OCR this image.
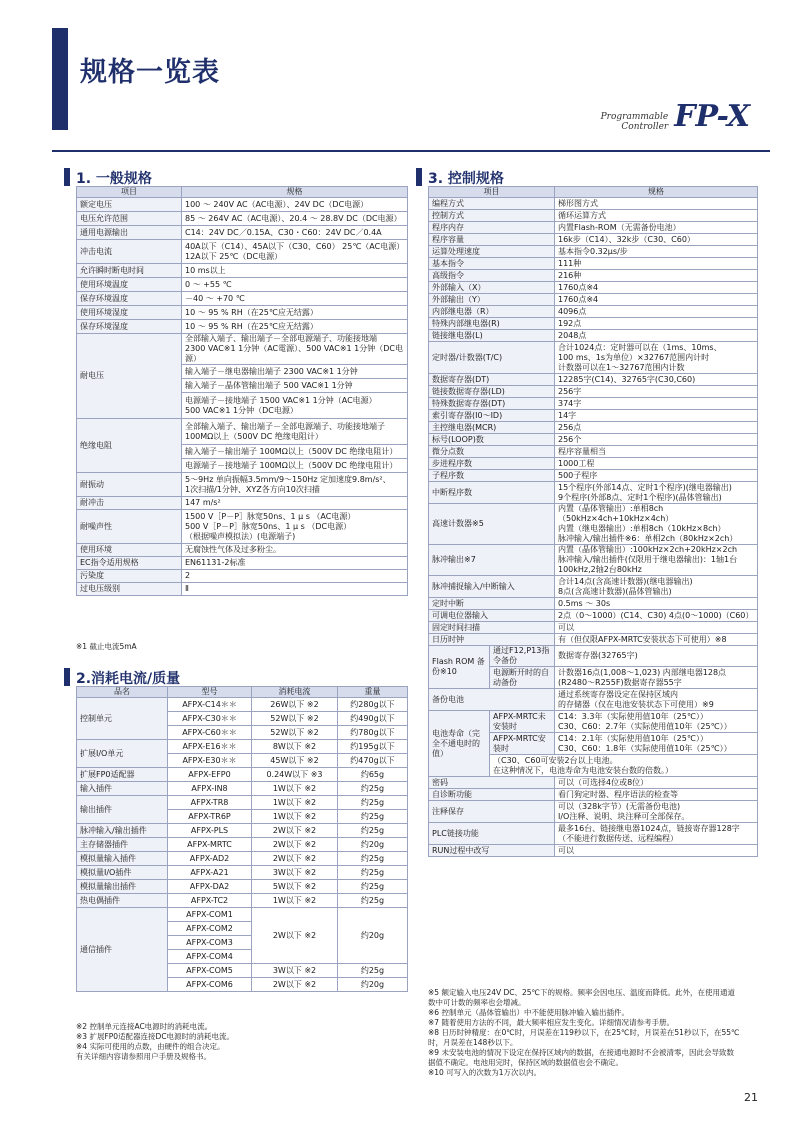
规格一览表
Programmable
Controller FP-X
1. 一般规格
项目	规格
额定电压	100 ～ 240V AC（AC电源）、24V DC（DC电源）

电压允许范围	85 ～ 264V AC（AC电源）、20.4 ～ 28.8V DC（DC电源）

通用电源输出	C14：24V DC／0.15A、C30・C60：24V DC／0.4A

冲击电流	40A以下（C14）、45A以下（C30、C60） 25℃（AC电源）
12A以下 25℃（DC电源）

允许瞬时断电时间	10 ms以上

使用环境温度	0 ～ +55 ℃

保存环境温度	－40 ～ +70 ℃

使用环境湿度	10 ～ 95 % RH（在25℃应无结露）

保存环境湿度	10 ～ 95 % RH（在25℃应无结露）

耐电压	全部输入端子、输出端子－全部电源端子、功能接地端
2300 VAC※1 1分钟（AC電源）、500 VAC※1 1分钟（DC电源）

	输入端子－继电器输出端子 2300 VAC※1 1分钟

	输入端子－晶体管输出端子 500 VAC※1 1分钟

	电源端子－接地端子 1500 VAC※1 1分钟（AC电源）
500 VAC※1 1分钟（DC电源）

绝缘电阻	全部输入端子、输出端子－全部电源端子、功能接地端子
100MΩ以上（500V DC 绝缘电阻计）

	输入端子－输出端子 100MΩ以上（500V DC 绝缘电阻计）

	电源端子－接地端子 100MΩ以上（500V DC 绝缘电阻计）

耐振动	5～9Hz 单向振幅3.5mm/9～150Hz 定加速度9.8m/s²、
1次扫描/1分钟、XYZ各方向10次扫描

耐冲击	147 m/s²

耐噪声性	1500 V［P－P］脉宽50ns、1 μ s （AC电源）
500 V［P－P］脉宽50ns、1 μ s （DC电源）
（根据噪声模拟法）(电源端子)

使用环境	无腐蚀性气体及过多粉尘。

EC指令适用规格	EN61131-2标准

污染度	2

过电压级别	Ⅱ
※1 截止电流5mA
2.消耗电流/质量
品名	型号	消耗电流	重量
控制单元	AFPX-C14＊＊	26W以下 ※2	约280g以下
	AFPX-C30＊＊	52W以下 ※2	约490g以下
	AFPX-C60＊＊	52W以下 ※2	约780g以下
扩展I/O单元	AFPX-E16＊＊	8W以下 ※2	约195g以下
	AFPX-E30＊＊	45W以下 ※2	约470g以下
扩展FP0适配器	AFPX-EFP0	0.24W以下 ※3	约65g
输入插件	AFPX-IN8	1W以下 ※2	约25g
输出插件	AFPX-TR8	1W以下 ※2	约25g
	AFPX-TR6P	1W以下 ※2	约25g
脉冲输入/输出插件	AFPX-PLS	2W以下 ※2	约25g
主存储器插件	AFPX-MRTC	2W以下 ※2	约20g
模拟量输入插件	AFPX-AD2	2W以下 ※2	约25g
模拟量I/O插件	AFPX-A21	3W以下 ※2	约25g
模拟量输出插件	AFPX-DA2	5W以下 ※2	约25g
热电偶插件	AFPX-TC2	1W以下 ※2	约25g
通信插件	AFPX-COM1	2W以下 ※2	约20g
	AFPX-COM2		
	AFPX-COM3		
	AFPX-COM4		
	AFPX-COM5	3W以下 ※2	约25g
	AFPX-COM6	2W以下 ※2	约20g
※2 控制单元连接AC电源时的消耗电流。
※3 扩展FP0适配器连接DC电源时的消耗电流。
※4 实际可使用的点数，由硬件的组合决定。
有关详细内容请参照用户手册及规格书。
3. 控制规格
项目		规格
编程方式		梯形图方式

控制方式		循环运算方式

程序内存		内置Flash-ROM（无需备份电池）

程序容量		16k步（C14）、32k步（C30、C60）

运算处理速度		基本指令0.32μs/步

基本指令		111种

高级指令		216种

外部输入（X）		1760点※4

外部输出（Y）		1760点※4

内部继电器（R）		4096点

特殊内部继电器(R)		192点

链接继电器(L)		2048点

定时器/计数器(T/C)		合计1024点：定时器可以在（1ms、10ms、
100 ms、1s为单位）×32767范围内计时
计数器可以在1～32767范围内计数

数据寄存器(DT)		12285字(C14)、32765字(C30,C60)

链接数据寄存器(LD)		256字

特殊数据寄存器(DT)		374字

索引寄存器(I0～ID)		14字

主控继电器(MCR)		256点

标号(LOOP)数		256个

微分点数		程序容量相当

步进程序数		1000工程

子程序数		500子程序

中断程序数		15个程序(外部14点、定时1个程序)(继电器输出)
9个程序(外部8点、定时1个程序)(晶体管输出)

高速计数器※5		内置（晶体管输出）:单相8ch（50kHz×4ch+10kHz×4ch）
内置（继电器输出）:单相8ch（10kHz×8ch）
脉冲输入/输出插件※6：单相2ch（80kHz×2ch）

脉冲输出※7		内置（晶体管输出）:100kHz×2ch+20kHz×2ch
脉冲输入/输出插件(仅限用于继电器输出)：1轴1台100kHz,2轴2台80kHz

脉冲捕捉输入/中断输入		合计14点(含高速计数器)(继电器输出)
8点(含高速计数器)(晶体管输出)

定时中断		0.5ms ～ 30s

可调电位器输入		2点（0～1000）(C14、C30) 4点(0～1000)（C60）

固定时间扫描		可以

日历时钟		有（但仅限AFPX-MRTC安装状态下可使用）※8

Flash ROM 备份※10	通过F12,P13指令备份	数据寄存器(32765字)
	电源断开时的自动备份	计数器16点(1,008～1,023) 内部继电器128点
(R2480～R255F)数据寄存器55字

备份电池		通过系统寄存器设定在保持区域内
的存储器（仅在电池安装状态下可使用）※9

电池寿命（完全不通电时的值）	AFPX-MRTC未安装时	C14：3.3年（实际使用值10年（25℃））
C30、C60：2.7年（实际使用值10年（25℃））

	AFPX-MRTC安装时	C14：2.1年（实际使用值10年（25℃））
C30、C60：1.8年（实际使用值10年（25℃））

	（C30、C60可安装2台以上电池。
在这种情况下，电池寿命为电池安装台数的倍数。）	

密码		可以（可选择4位或8位）

自诊断功能		看门狗定时器、程序语法的检查等

注释保存		可以（328k字节）(无需备份电池)
I/O注释、说明、块注释可全部保存。

PLC链接功能		最多16台、链接继电器1024点，链接寄存器128字
（不能进行数据传送、远程编程）

RUN过程中改写		可以
※5 额定输入电压24V DC、25℃下的规格。频率会因电压、温度而降低。此外，在使用通道
数中可计数的频率也会增减。
※6 控制单元（晶体管输出）中不能使用脉冲输入输出插件。
※7 随着使用方法的不同，最大频率相应发生变化。详细情况请参考手册。
※8 日历时钟精度：在0℃时，月误差在119秒以下，在25℃时，月误差在51秒以下，在55℃
时，月误差在148秒以下。
※9 未安装电池的情况下设定在保持区域内的数据，在接通电源时不会被清零，因此会导致数
据值不确定。电池用完时，保持区域的数据值也会不确定。
※10 可写入的次数为1万次以内。
21
